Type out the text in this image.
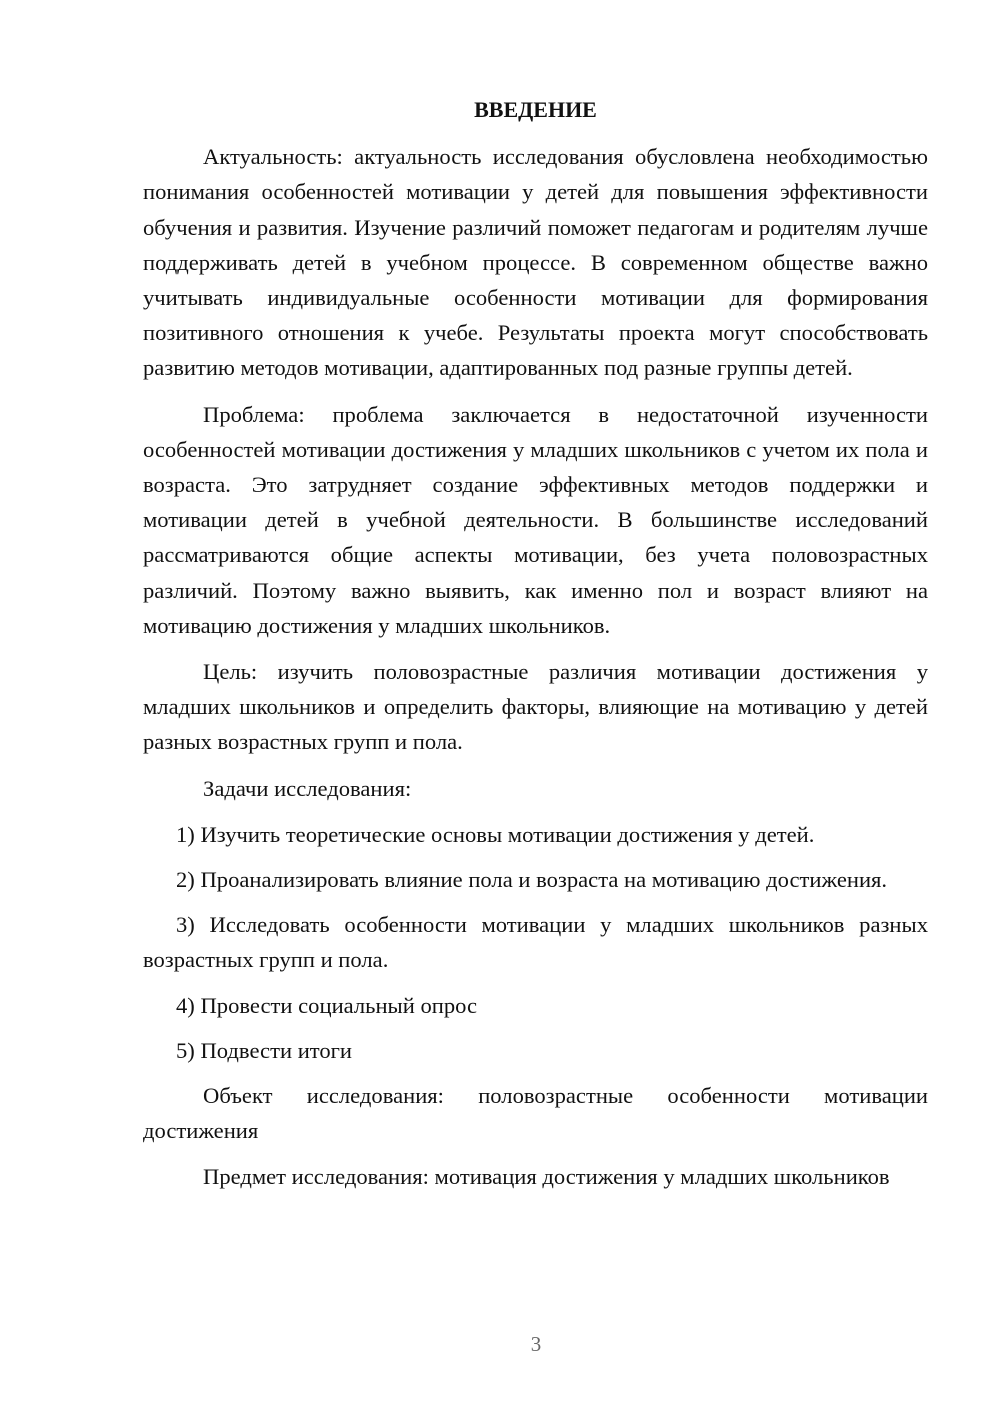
ВВЕДЕНИЕ

Актуальность: актуальность исследования обусловлена необходимостью понимания особенностей мотивации у детей для повышения эффективности обучения и развития. Изучение различий поможет педагогам и родителям лучше поддерживать детей в учебном процессе. В современном обществе важно учитывать индивидуальные особенности мотивации для формирования позитивного отношения к учебе. Результаты проекта могут способствовать развитию методов мотивации, адаптированных под разные группы детей.

Проблема: проблема заключается в недостаточной изученности особенностей мотивации достижения у младших школьников с учетом их пола и возраста. Это затрудняет создание эффективных методов поддержки и мотивации детей в учебной деятельности. В большинстве исследований рассматриваются общие аспекты мотивации, без учета половозрастных различий. Поэтому важно выявить, как именно пол и возраст влияют на мотивацию достижения у младших школьников.

Цель: изучить половозрастные различия мотивации достижения у младших школьников и определить факторы, влияющие на мотивацию у детей разных возрастных групп и пола.

Задачи исследования:

1) Изучить теоретические основы мотивации достижения у детей.

2) Проанализировать влияние пола и возраста на мотивацию достижения.

3) Исследовать особенности мотивации у младших школьников разных возрастных групп и пола.

4) Провести социальный опрос

5) Подвести итоги

Объект исследования: половозрастные особенности мотивации достижения

Предмет исследования: мотивация достижения у младших школьников

3
